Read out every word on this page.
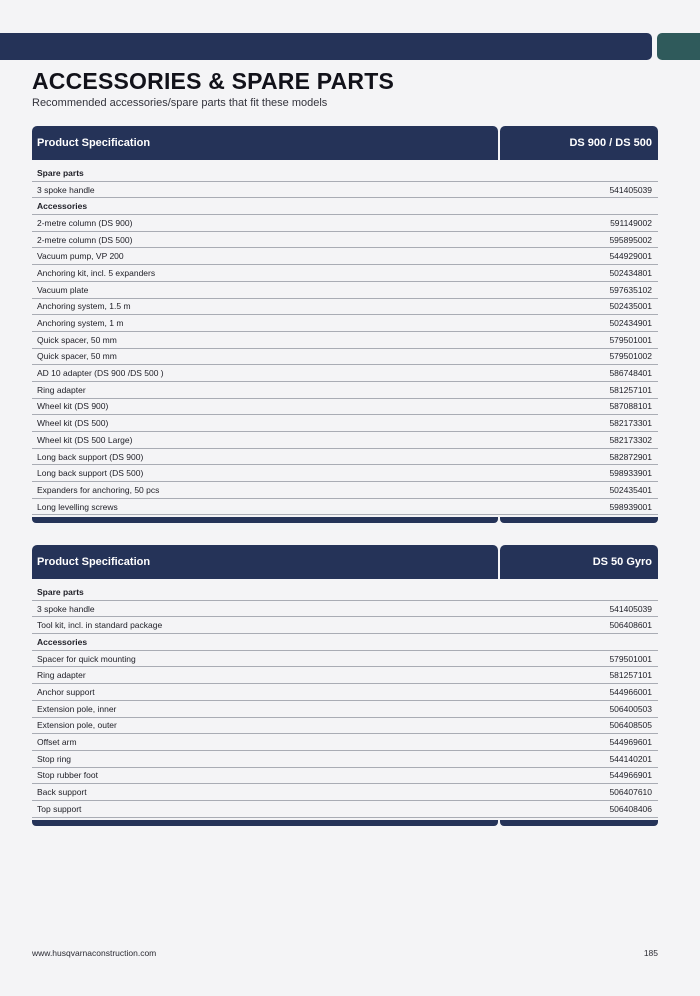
ACCESSORIES & SPARE PARTS
Recommended accessories/spare parts that fit these models
Product Specification	DS 900 / DS 500
Spare parts
3 spoke handle	541405039
Accessories
2-metre column (DS 900)	591149002
2-metre column (DS 500)	595895002
Vacuum pump, VP 200	544929001
Anchoring kit, incl. 5 expanders	502434801
Vacuum plate	597635102
Anchoring system, 1.5 m	502435001
Anchoring system, 1 m	502434901
Quick spacer, 50 mm	579501001
Quick spacer, 50 mm	579501002
AD 10 adapter (DS 900 /DS 500 )	586748401
Ring adapter	581257101
Wheel kit (DS 900)	587088101
Wheel kit (DS 500)	582173301
Wheel kit (DS 500 Large)	582173302
Long back support (DS 900)	582872901
Long back support (DS 500)	598933901
Expanders for anchoring, 50 pcs	502435401
Long levelling screws	598939001
Product Specification	DS 50 Gyro
Spare parts
3 spoke handle	541405039
Tool kit, incl. in standard package	506408601
Accessories
Spacer for quick mounting	579501001
Ring adapter	581257101
Anchor support	544966001
Extension pole, inner	506400503
Extension pole, outer	506408505
Offset arm	544969601
Stop ring	544140201
Stop rubber foot	544966901
Back support	506407610
Top support	506408406
www.husqvarnaconstruction.com	185
